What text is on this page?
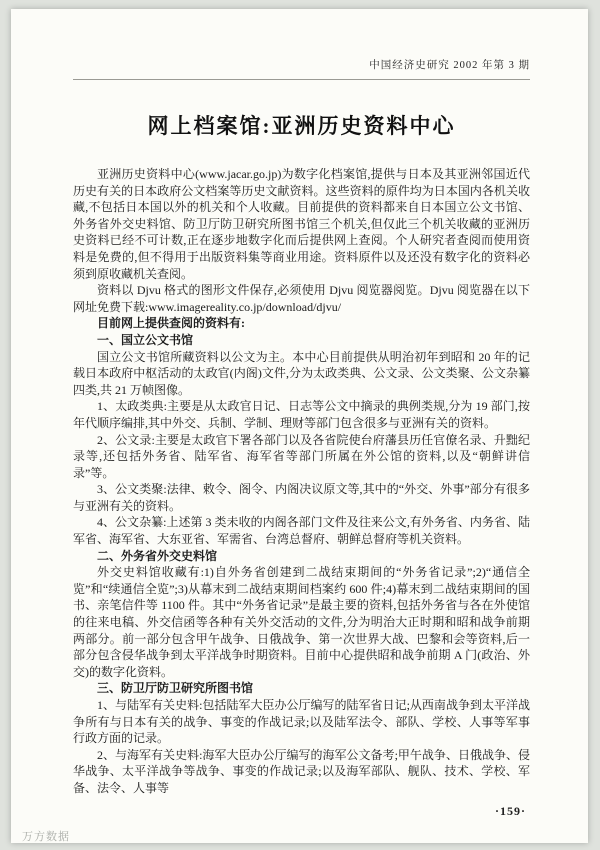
中国经济史研究 2002 年第 3 期
网上档案馆:亚洲历史资料中心

亚洲历史资料中心(www.jacar.go.jp)为数字化档案馆,提供与日本及其亚洲邻国近代历史有关的日本政府公文档案等历史文献资料。这些资料的原件均为日本国内各机关收藏,不包括日本国以外的机关和个人收藏。目前提供的资料都来自日本国立公文书馆、外务省外交史料馆、防卫厅防卫研究所图书馆三个机关,但仅此三个机关收藏的亚洲历史资料已经不可计数,正在逐步地数字化而后提供网上查阅。个人研究者查阅而使用资料是免费的,但不得用于出版资料集等商业用途。资料原件以及还没有数字化的资料必须到原收藏机关查阅。

资料以 Djvu 格式的图形文件保存,必须使用 Djvu 阅览器阅览。Djvu 阅览器在以下网址免费下载:www.imagereality.co.jp/download/djvu/

目前网上提供查阅的资料有:

一、国立公文书馆

国立公文书馆所藏资料以公文为主。本中心目前提供从明治初年到昭和 20 年的记载日本政府中枢活动的太政官(内阁)文件,分为太政类典、公文录、公文类聚、公文杂纂四类,共 21 万帧图像。

1、太政类典:主要是从太政官日记、日志等公文中摘录的典例类规,分为 19 部门,按年代顺序编排,其中外交、兵制、学制、理财等部门包含很多与亚洲有关的资料。

2、公文录:主要是太政官下署各部门以及各省院使台府藩县历任官僚名录、升黜纪录等,还包括外务省、陆军省、海军省等部门所属在外公馆的资料,以及“朝鲜讲信录”等。

3、公文类聚:法律、敕令、阁令、内阁决议原文等,其中的“外交、外事”部分有很多与亚洲有关的资料。

4、公文杂纂:上述第 3 类未收的内阁各部门文件及往来公文,有外务省、内务省、陆军省、海军省、大东亚省、军需省、台湾总督府、朝鲜总督府等机关资料。

二、外务省外交史料馆

外交史料馆收藏有:1)自外务省创建到二战结束期间的“外务省记录”;2)“通信全览”和“续通信全览”;3)从幕末到二战结束期间档案约 600 件;4)幕末到二战结束期间的国书、亲笔信件等 1100 件。其中“外务省记录”是最主要的资料,包括外务省与各在外使馆的往来电稿、外交信函等各种有关外交活动的文件,分为明治大正时期和昭和战争前期两部分。前一部分包含甲午战争、日俄战争、第一次世界大战、巴黎和会等资料,后一部分包含侵华战争到太平洋战争时期资料。目前中心提供昭和战争前期 A 门(政治、外交)的数字化资料。

三、防卫厅防卫研究所图书馆

1、与陆军有关史料:包括陆军大臣办公厅编写的陆军省日记;从西南战争到太平洋战争所有与日本有关的战争、事变的作战记录;以及陆军法令、部队、学校、人事等军事行政方面的记录。

2、与海军有关史料:海军大臣办公厅编写的海军公文备考;甲午战争、日俄战争、侵华战争、太平洋战争等战争、事变的作战记录;以及海军部队、舰队、技术、学校、军备、法令、人事等

·159·
万方数据
